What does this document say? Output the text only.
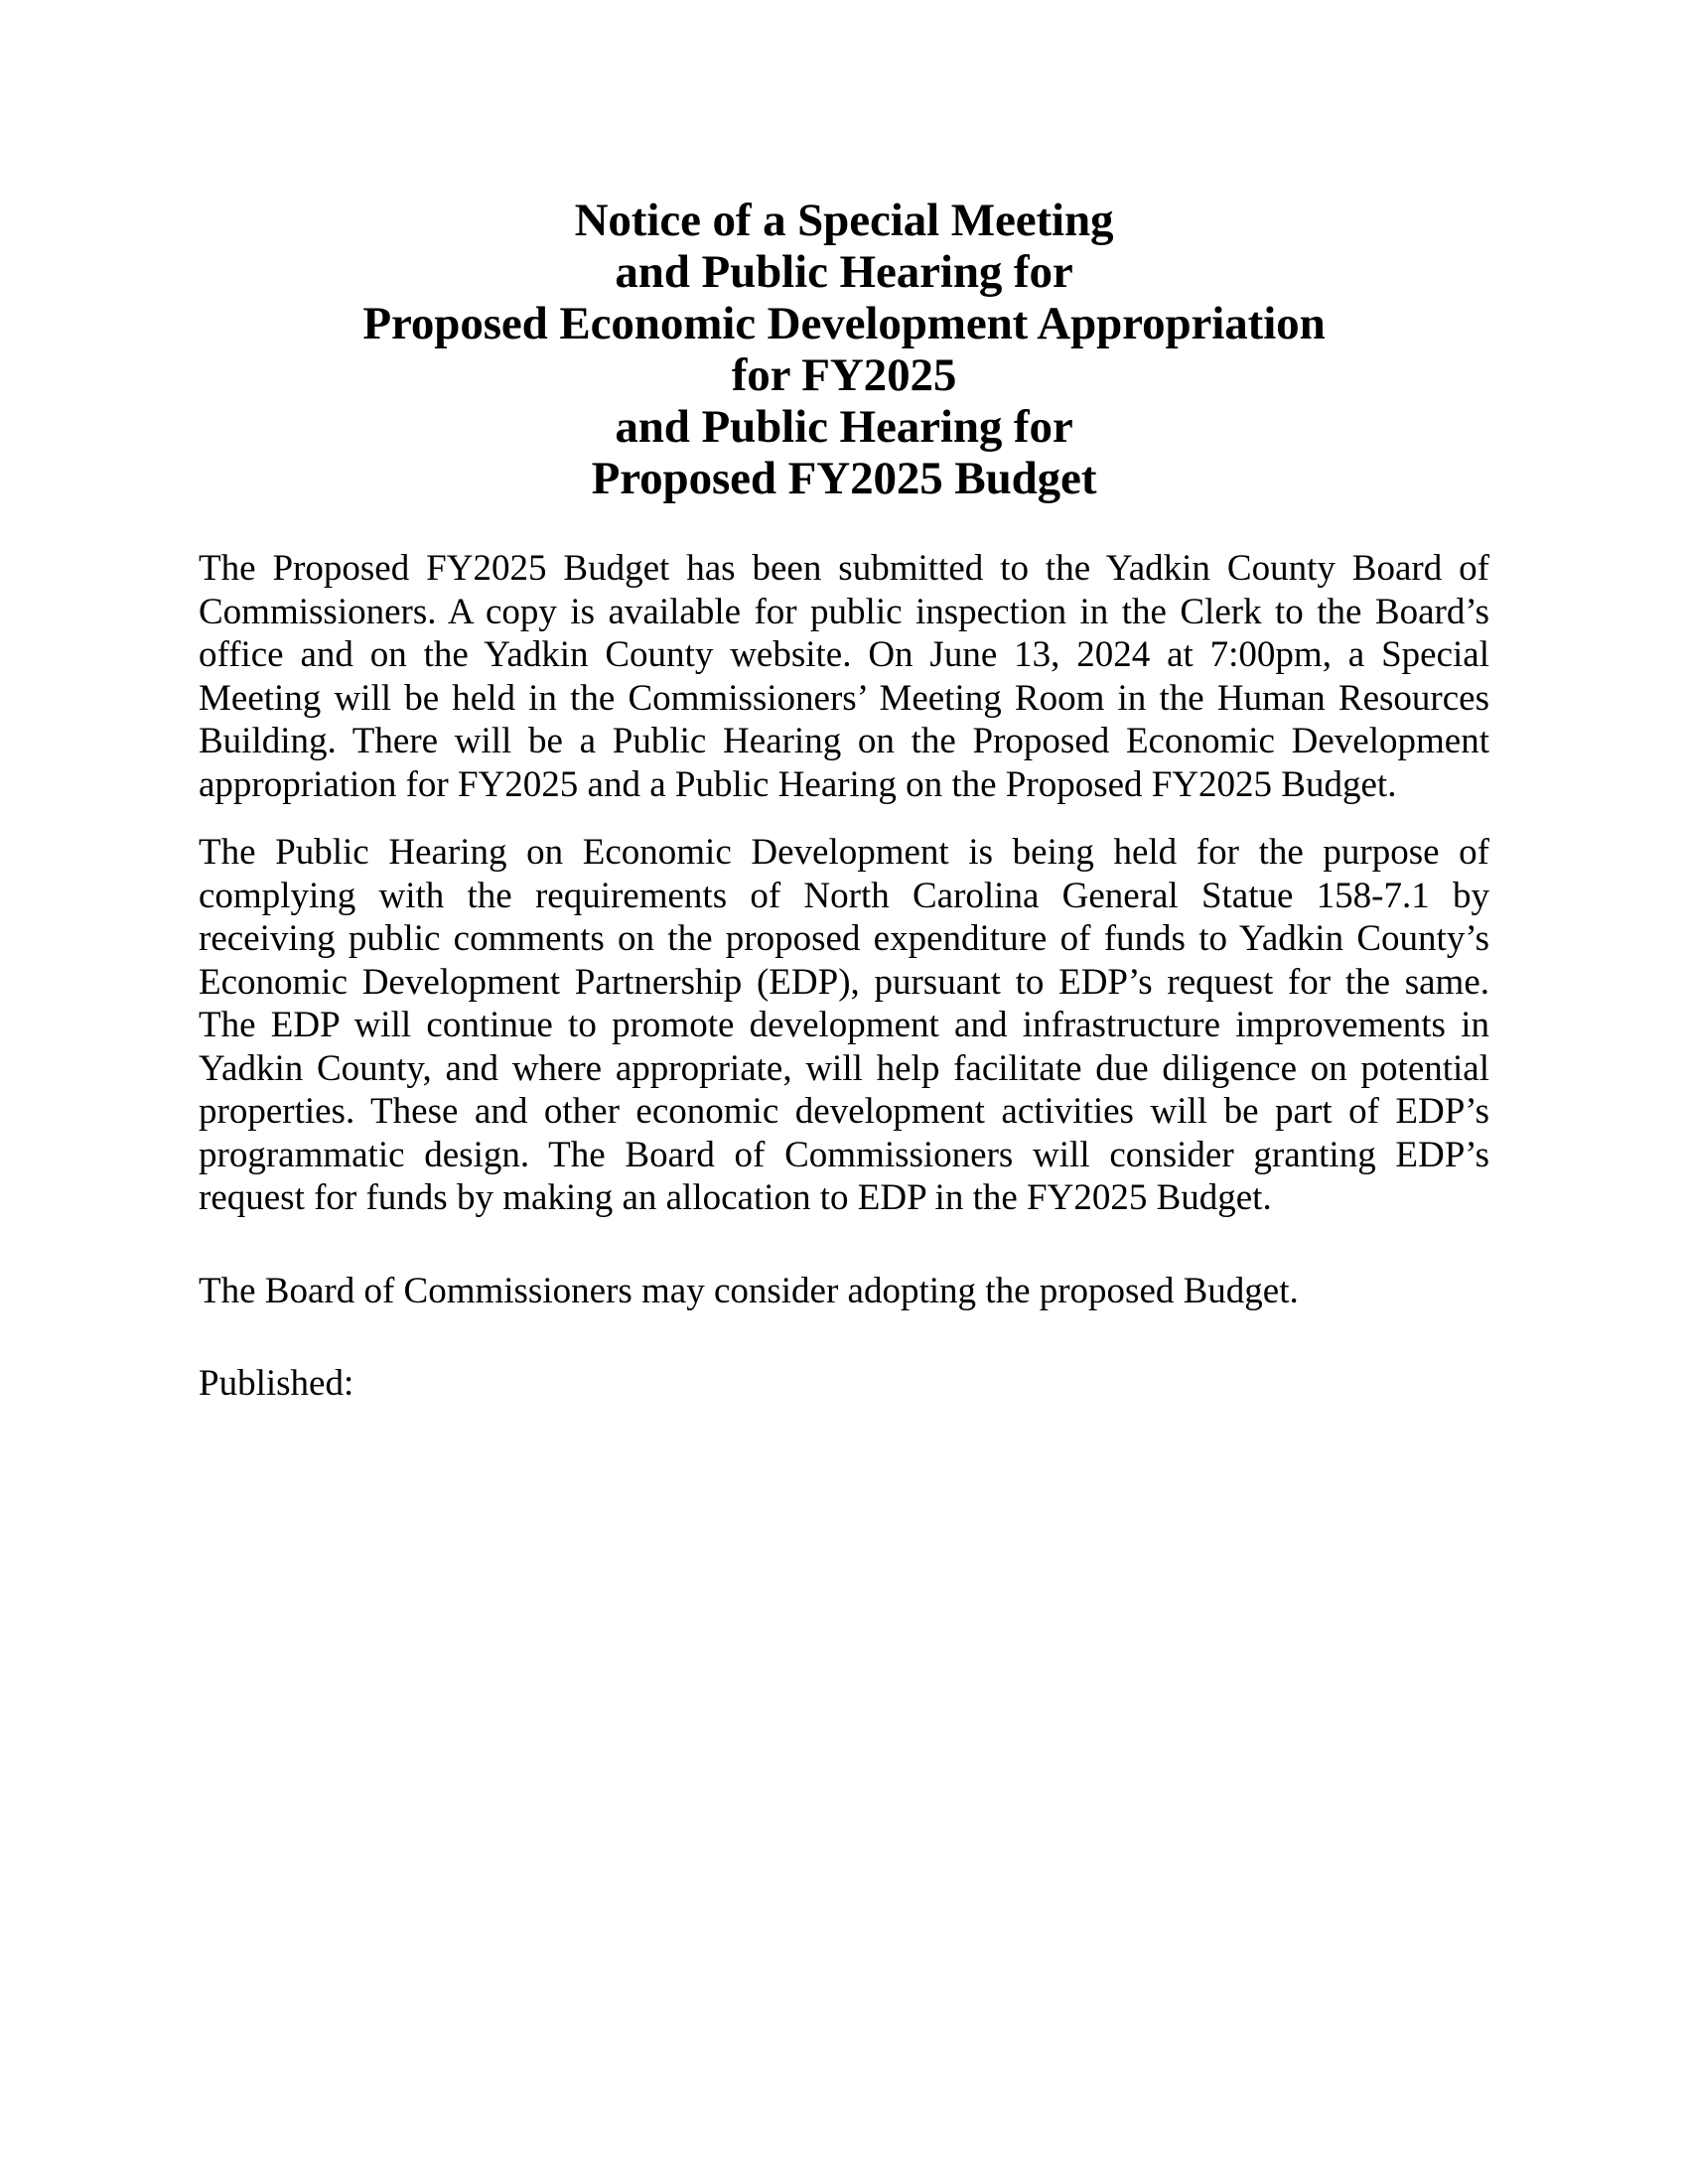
Notice of a Special Meeting
and Public Hearing for
Proposed Economic Development Appropriation
for FY2025
and Public Hearing for
Proposed FY2025 Budget

The Proposed FY2025 Budget has been submitted to the Yadkin County Board of Commissioners. A copy is available for public inspection in the Clerk to the Board’s office and on the Yadkin County website. On June 13, 2024 at 7:00pm, a Special Meeting will be held in the Commissioners’ Meeting Room in the Human Resources Building. There will be a Public Hearing on the Proposed Economic Development appropriation for FY2025 and a Public Hearing on the Proposed FY2025 Budget.

The Public Hearing on Economic Development is being held for the purpose of complying with the requirements of North Carolina General Statue 158-7.1 by receiving public comments on the proposed expenditure of funds to Yadkin County’s Economic Development Partnership (EDP), pursuant to EDP’s request for the same. The EDP will continue to promote development and infrastructure improvements in Yadkin County, and where appropriate, will help facilitate due diligence on potential properties. These and other economic development activities will be part of EDP’s programmatic design. The Board of Commissioners will consider granting EDP’s request for funds by making an allocation to EDP in the FY2025 Budget.

The Board of Commissioners may consider adopting the proposed Budget.

Published:
